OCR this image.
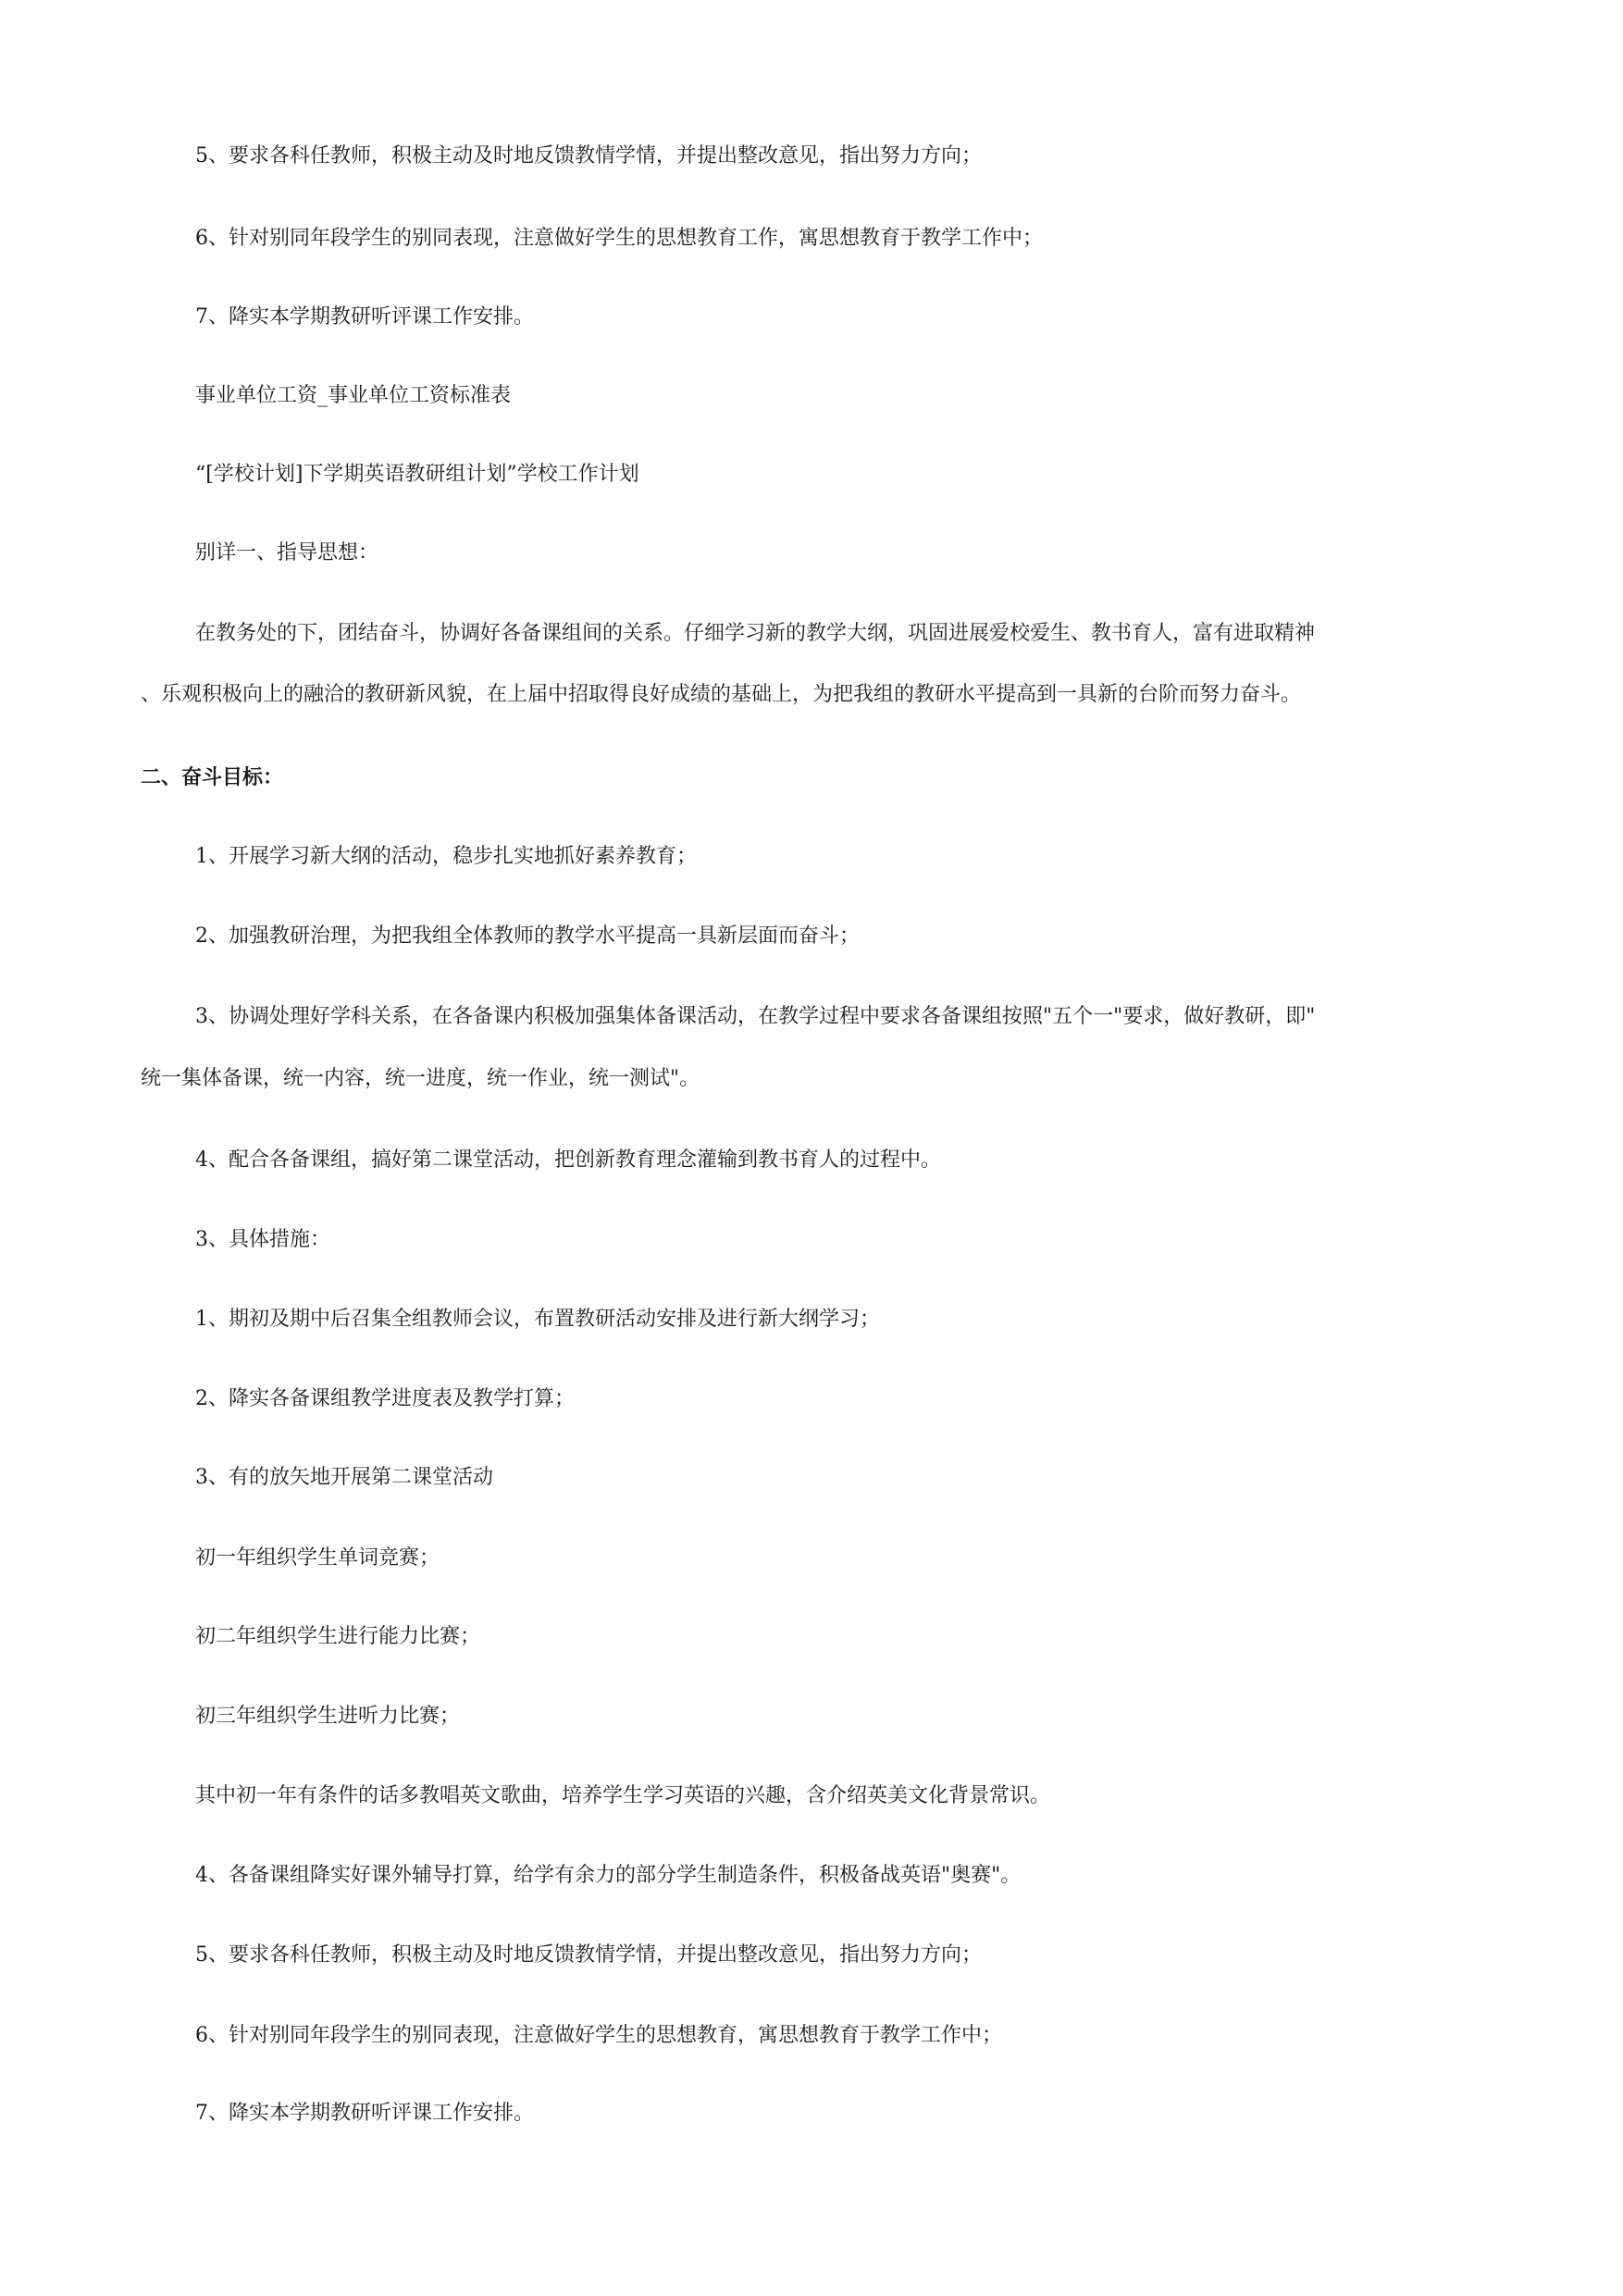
5、要求各科任教师，积极主动及时地反馈教情学情，并提出整改意见，指出努力方向；
6、针对别同年段学生的别同表现，注意做好学生的思想教育工作，寓思想教育于教学工作中；
7、降实本学期教研听评课工作安排。
事业单位工资_事业单位工资标准表
“[学校计划]下学期英语教研组计划”学校工作计划
别详一、指导思想：
在教务处的下，团结奋斗，协调好各备课组间的关系。仔细学习新的教学大纲，巩固进展爱校爱生、教书育人，富有进取精神
、乐观积极向上的融洽的教研新风貌，在上届中招取得良好成绩的基础上，为把我组的教研水平提高到一具新的台阶而努力奋斗。
二、奋斗目标：
1、开展学习新大纲的活动，稳步扎实地抓好素养教育；
2、加强教研治理，为把我组全体教师的教学水平提高一具新层面而奋斗；
3、协调处理好学科关系，在各备课内积极加强集体备课活动，在教学过程中要求各备课组按照"五个一"要求，做好教研，即"
统一集体备课，统一内容，统一进度，统一作业，统一测试"。
4、配合各备课组，搞好第二课堂活动，把创新教育理念灌输到教书育人的过程中。
3、具体措施：
1、期初及期中后召集全组教师会议，布置教研活动安排及进行新大纲学习；
2、降实各备课组教学进度表及教学打算；
3、有的放矢地开展第二课堂活动
初一年组织学生单词竞赛；
初二年组织学生进行能力比赛；
初三年组织学生进听力比赛；
其中初一年有条件的话多教唱英文歌曲，培养学生学习英语的兴趣，含介绍英美文化背景常识。
4、各备课组降实好课外辅导打算，给学有余力的部分学生制造条件，积极备战英语"奥赛"。
5、要求各科任教师，积极主动及时地反馈教情学情，并提出整改意见，指出努力方向；
6、针对别同年段学生的别同表现，注意做好学生的思想教育，寓思想教育于教学工作中；
7、降实本学期教研听评课工作安排。
